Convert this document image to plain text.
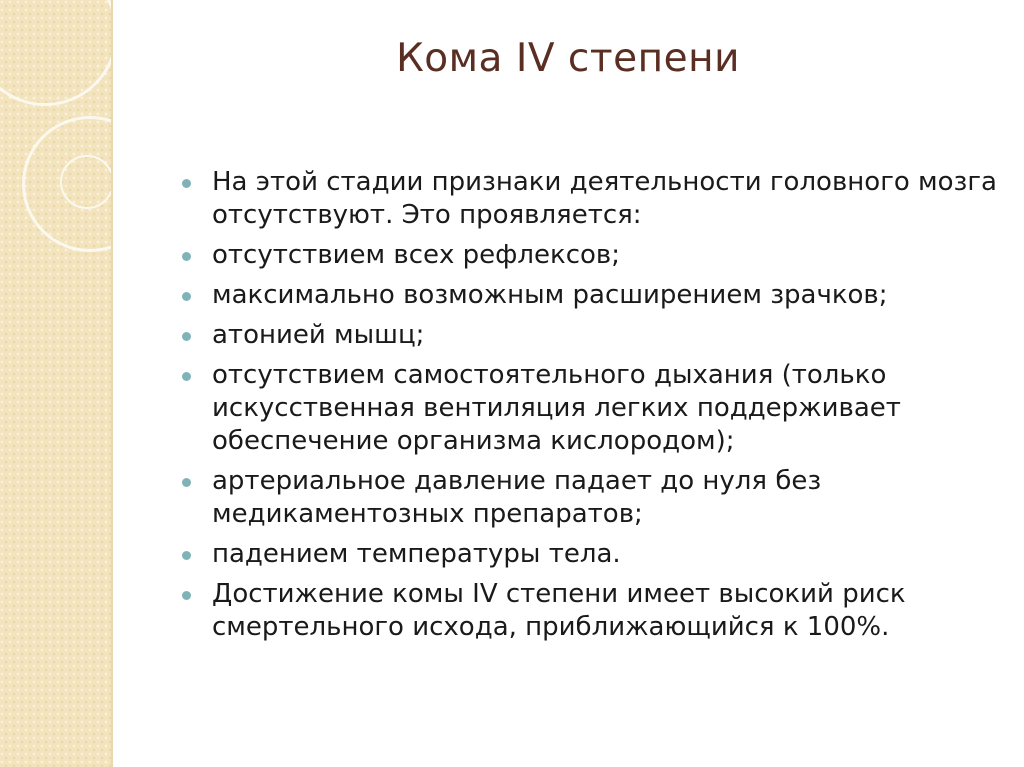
Кома IV степени
На этой стадии признаки деятельности головного мозга отсутствуют. Это проявляется:
отсутствием всех рефлексов;
максимально возможным расширением зрачков;
атонией мышц;
отсутствием самостоятельного дыхания (только искусственная вентиляция легких поддерживает обеспечение организма кислородом);
артериальное давление падает до нуля без медикаментозных препаратов;
падением температуры тела.
Достижение комы IV степени имеет высокий риск смертельного исхода, приближающийся к 100%.
